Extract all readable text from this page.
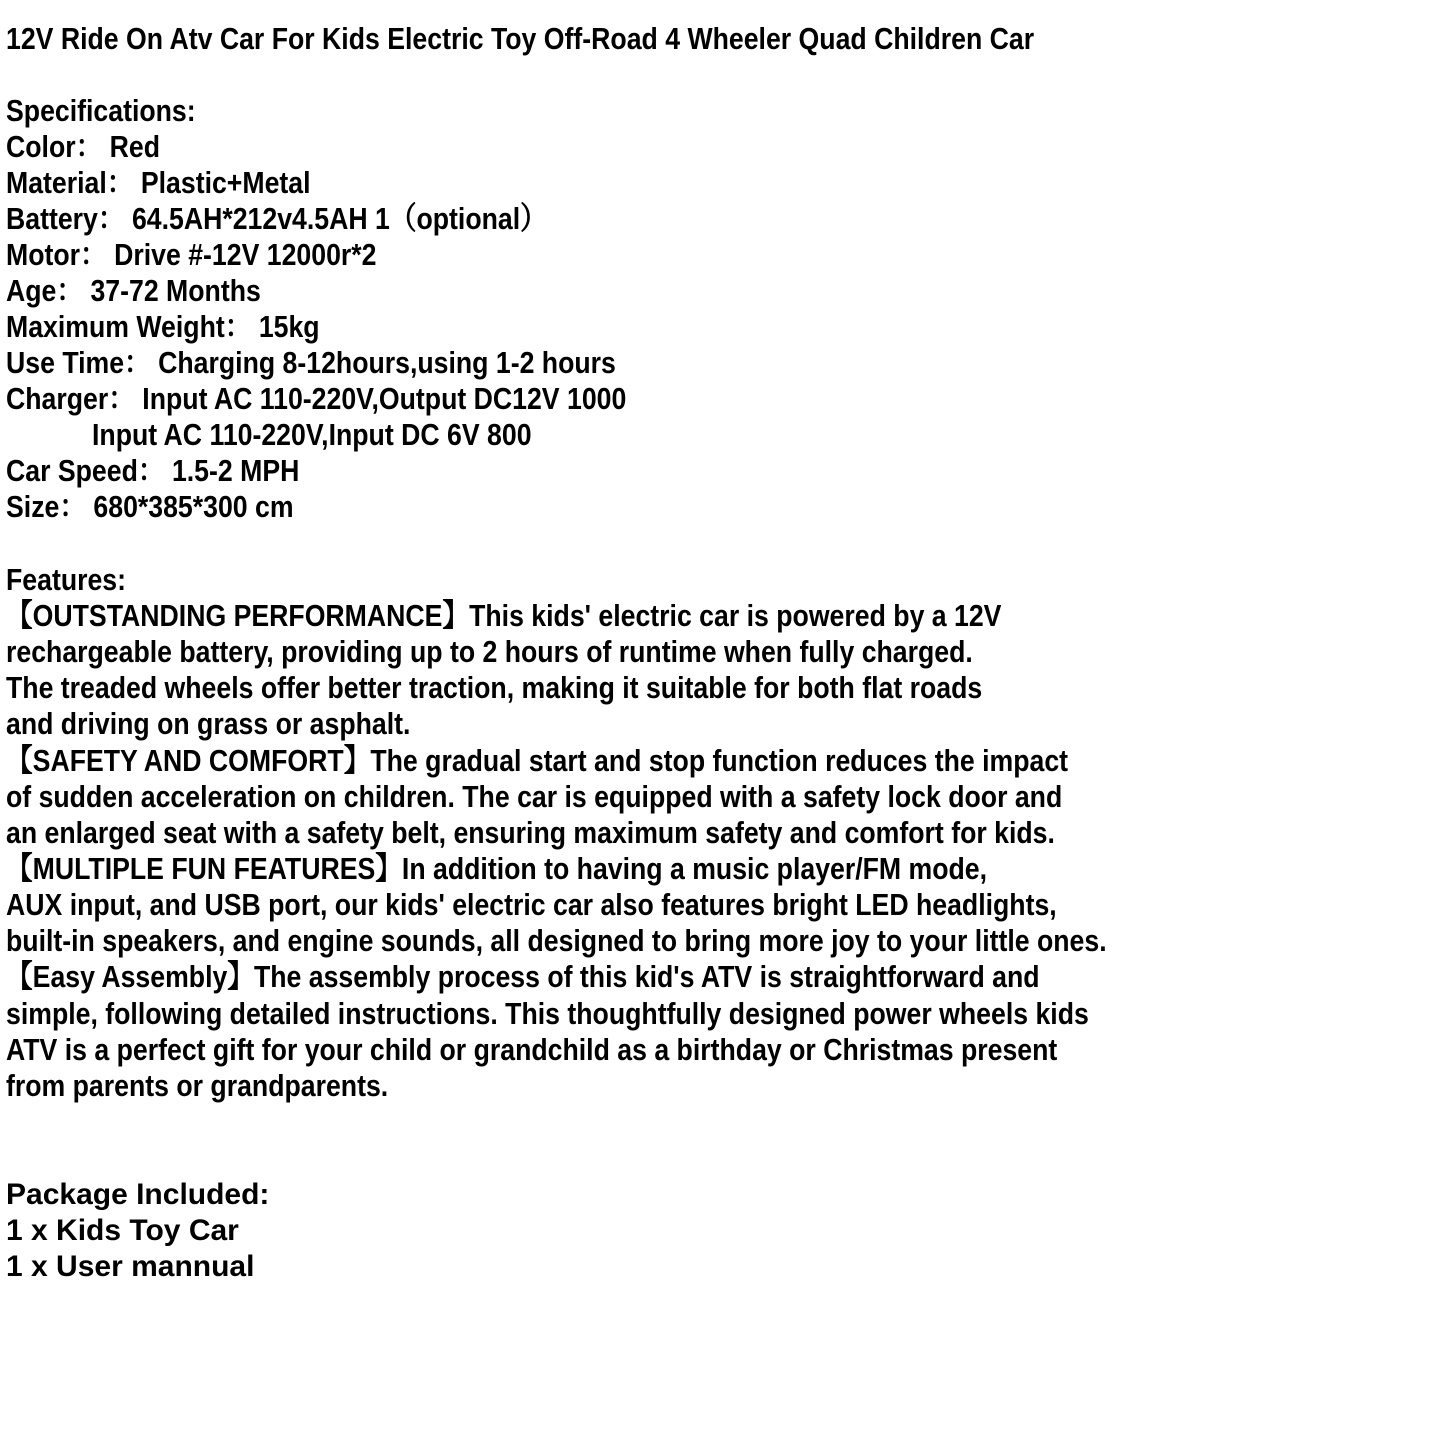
12V Ride On Atv Car For Kids Electric Toy Off-Road 4 Wheeler Quad Children Car
Specifications:
Color： Red
Material： Plastic+Metal
Battery： 64.5AH*212v4.5AH 1（optional）
Motor： Drive #-12V 12000r*2
Age： 37-72 Months
Maximum Weight： 15kg
Use Time： Charging 8-12hours,using 1-2 hours
Charger： Input AC 110-220V,Output DC12V 1000
Input AC 110-220V,Input DC 6V 800
Car Speed： 1.5-2 MPH
Size： 680*385*300 cm
Features:
【OUTSTANDING PERFORMANCE】This kids' electric car is powered by a 12V
rechargeable battery, providing up to 2 hours of runtime when fully charged.
The treaded wheels offer better traction, making it suitable for both flat roads
and driving on grass or asphalt.
【SAFETY AND COMFORT】The gradual start and stop function reduces the impact
of sudden acceleration on children. The car is equipped with a safety lock door and
an enlarged seat with a safety belt, ensuring maximum safety and comfort for kids.
【MULTIPLE FUN FEATURES】In addition to having a music player/FM mode,
AUX input, and USB port, our kids' electric car also features bright LED headlights,
built-in speakers, and engine sounds, all designed to bring more joy to your little ones.
【Easy Assembly】The assembly process of this kid's ATV is straightforward and
simple, following detailed instructions. This thoughtfully designed power wheels kids
ATV is a perfect gift for your child or grandchild as a birthday or Christmas present
from parents or grandparents.
Package Included:
1 x Kids Toy Car
1 x User mannual
